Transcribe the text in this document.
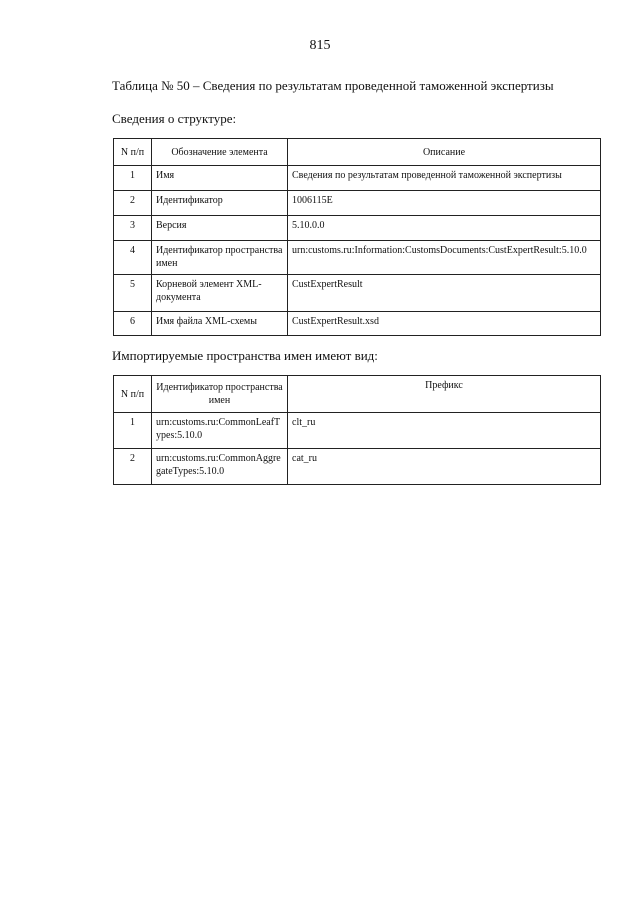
815
Таблица № 50 – Сведения по результатам проведенной таможенной экспертизы
Сведения о структуре:
N п/п	Обозначение элемента	Описание
1	Имя	Сведения по результатам проведенной таможенной экспертизы
2	Идентификатор	1006115E
3	Версия	5.10.0.0
4	Идентификатор пространства имен	urn:customs.ru:Information:CustomsDocuments:CustExpertResult:5.10.0
5	Корневой элемент XML-документа	CustExpertResult
6	Имя файла XML-схемы	CustExpertResult.xsd
Импортируемые пространства имен имеют вид:
N п/п	Идентификатор пространства имен	Префикс
1	urn:customs.ru:CommonLeafTypes:5.10.0	clt_ru
2	urn:customs.ru:CommonAggregateTypes:5.10.0	cat_ru
